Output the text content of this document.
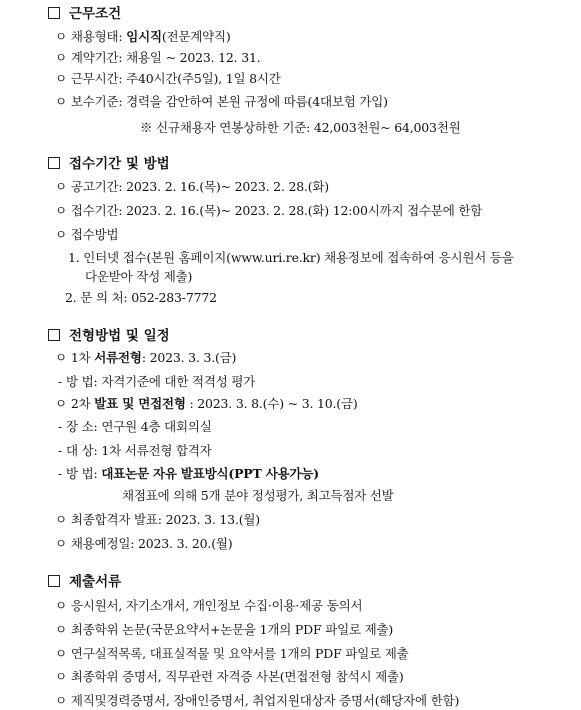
근무조건
ㅇ 채용형태: 임시직(전문계약직)
ㅇ 계약기간: 채용일 ~ 2023. 12. 31.
ㅇ 근무시간: 주40시간(주5일), 1일 8시간
ㅇ 보수기준: 경력을 감안하여 본원 규정에 따름(4대보험 가입)
※ 신규채용자 연봉상하한 기준: 42,003천원~ 64,003천원
접수기간 및 방법
ㅇ 공고기간: 2023. 2. 16.(목)~ 2023. 2. 28.(화)
ㅇ 접수기간: 2023. 2. 16.(목)~ 2023. 2. 28.(화) 12:00시까지 접수분에 한함
ㅇ 접수방법
1. 인터넷 접수(본원 홈페이지(www.uri.re.kr) 채용정보에 접속하여 응시원서 등을
다운받아 작성 제출)
2. 문 의 처: 052-283-7772
전형방법 및 일정
ㅇ 1차 서류전형: 2023. 3. 3.(금)
- 방 법: 자격기준에 대한 적격성 평가
ㅇ 2차 발표 및 면접전형 : 2023. 3. 8.(수) ~ 3. 10.(금)
- 장 소: 연구원 4층 대회의실
- 대 상: 1차 서류전형 합격자
- 방 법: 대표논문 자유 발표방식(PPT 사용가능)
채점표에 의해 5개 분야 정성평가, 최고득점자 선발
ㅇ 최종합격자 발표: 2023. 3. 13.(월)
ㅇ 채용예정일: 2023. 3. 20.(월)
제출서류
ㅇ 응시원서, 자기소개서, 개인정보 수집·이용·제공 동의서
ㅇ 최종학위 논문(국문요약서+논문을 1개의 PDF 파일로 제출)
ㅇ 연구실적목록, 대표실적물 및 요약서를 1개의 PDF 파일로 제출
ㅇ 최종학위 증명서, 직무관련 자격증 사본(면접전형 참석시 제출)
ㅇ 제직및경력증명서, 장애인증명서, 취업지원대상자 증명서(해당자에 한함)
